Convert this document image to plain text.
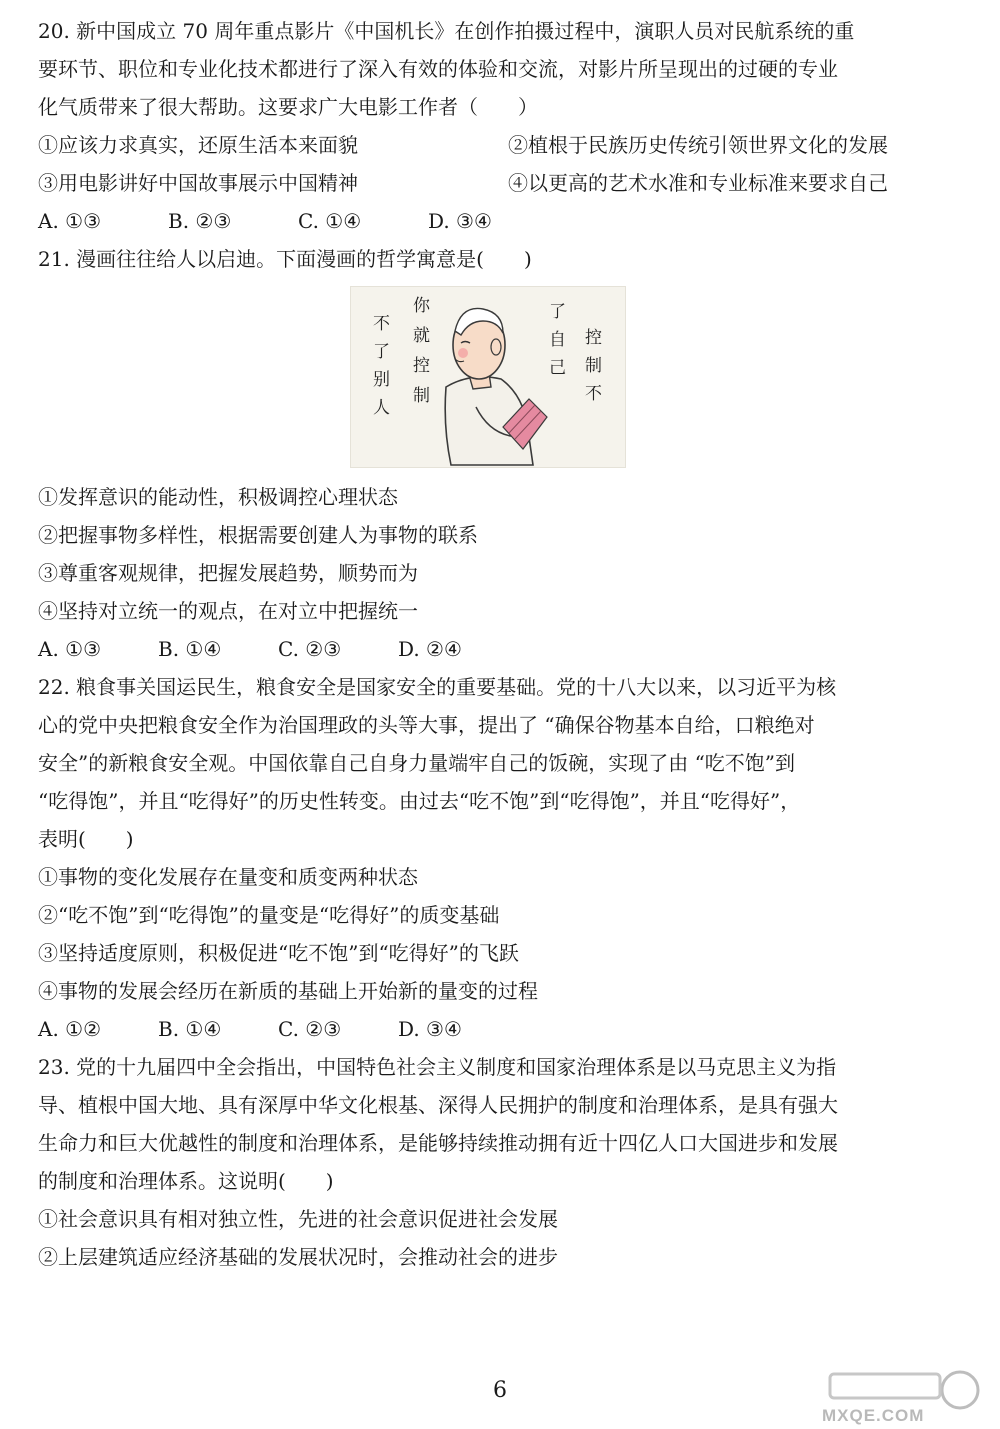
20. 新中国成立 70 周年重点影片《中国机长》在创作拍摄过程中，演职人员对民航系统的重
要环节、职位和专业化技术都进行了深入有效的体验和交流，对影片所呈现出的过硬的专业
化气质带来了很大帮助。这要求广大电影工作者（　　）
①应该力求真实，还原生活本来面貌	②植根于民族历史传统引领世界文化的发展
③用电影讲好中国故事展示中国精神	④以更高的艺术水准和专业标准来要求自己
A. ①③	B. ②③	C. ①④	D. ③④
21. 漫画往往给人以启迪。下面漫画的哲学寓意是(　　)
不了别人
你就控制
了自己
控制不
①发挥意识的能动性，积极调控心理状态
②把握事物多样性，根据需要创建人为事物的联系
③尊重客观规律，把握发展趋势，顺势而为
④坚持对立统一的观点，在对立中把握统一
A. ①③	B. ①④	C. ②③	D. ②④
22. 粮食事关国运民生，粮食安全是国家安全的重要基础。党的十八大以来，以习近平为核
心的党中央把粮食安全作为治国理政的头等大事，提出了 “确保谷物基本自给，口粮绝对
安全”的新粮食安全观。中国依靠自己自身力量端牢自己的饭碗，实现了由 “吃不饱”到
“吃得饱”，并且“吃得好”的历史性转变。由过去“吃不饱”到“吃得饱”，并且“吃得好”，
表明(　　)
①事物的变化发展存在量变和质变两种状态
②“吃不饱”到“吃得饱”的量变是“吃得好”的质变基础
③坚持适度原则，积极促进“吃不饱”到“吃得好”的飞跃
④事物的发展会经历在新质的基础上开始新的量变的过程
A. ①②	B. ①④	C. ②③	D. ③④
23. 党的十九届四中全会指出，中国特色社会主义制度和国家治理体系是以马克思主义为指
导、植根中国大地、具有深厚中华文化根基、深得人民拥护的制度和治理体系，是具有强大
生命力和巨大优越性的制度和治理体系，是能够持续推动拥有近十四亿人口大国进步和发展
的制度和治理体系。这说明(　　)
①社会意识具有相对独立性，先进的社会意识促进社会发展
②上层建筑适应经济基础的发展状况时，会推动社会的进步
6
MXQE.COM
